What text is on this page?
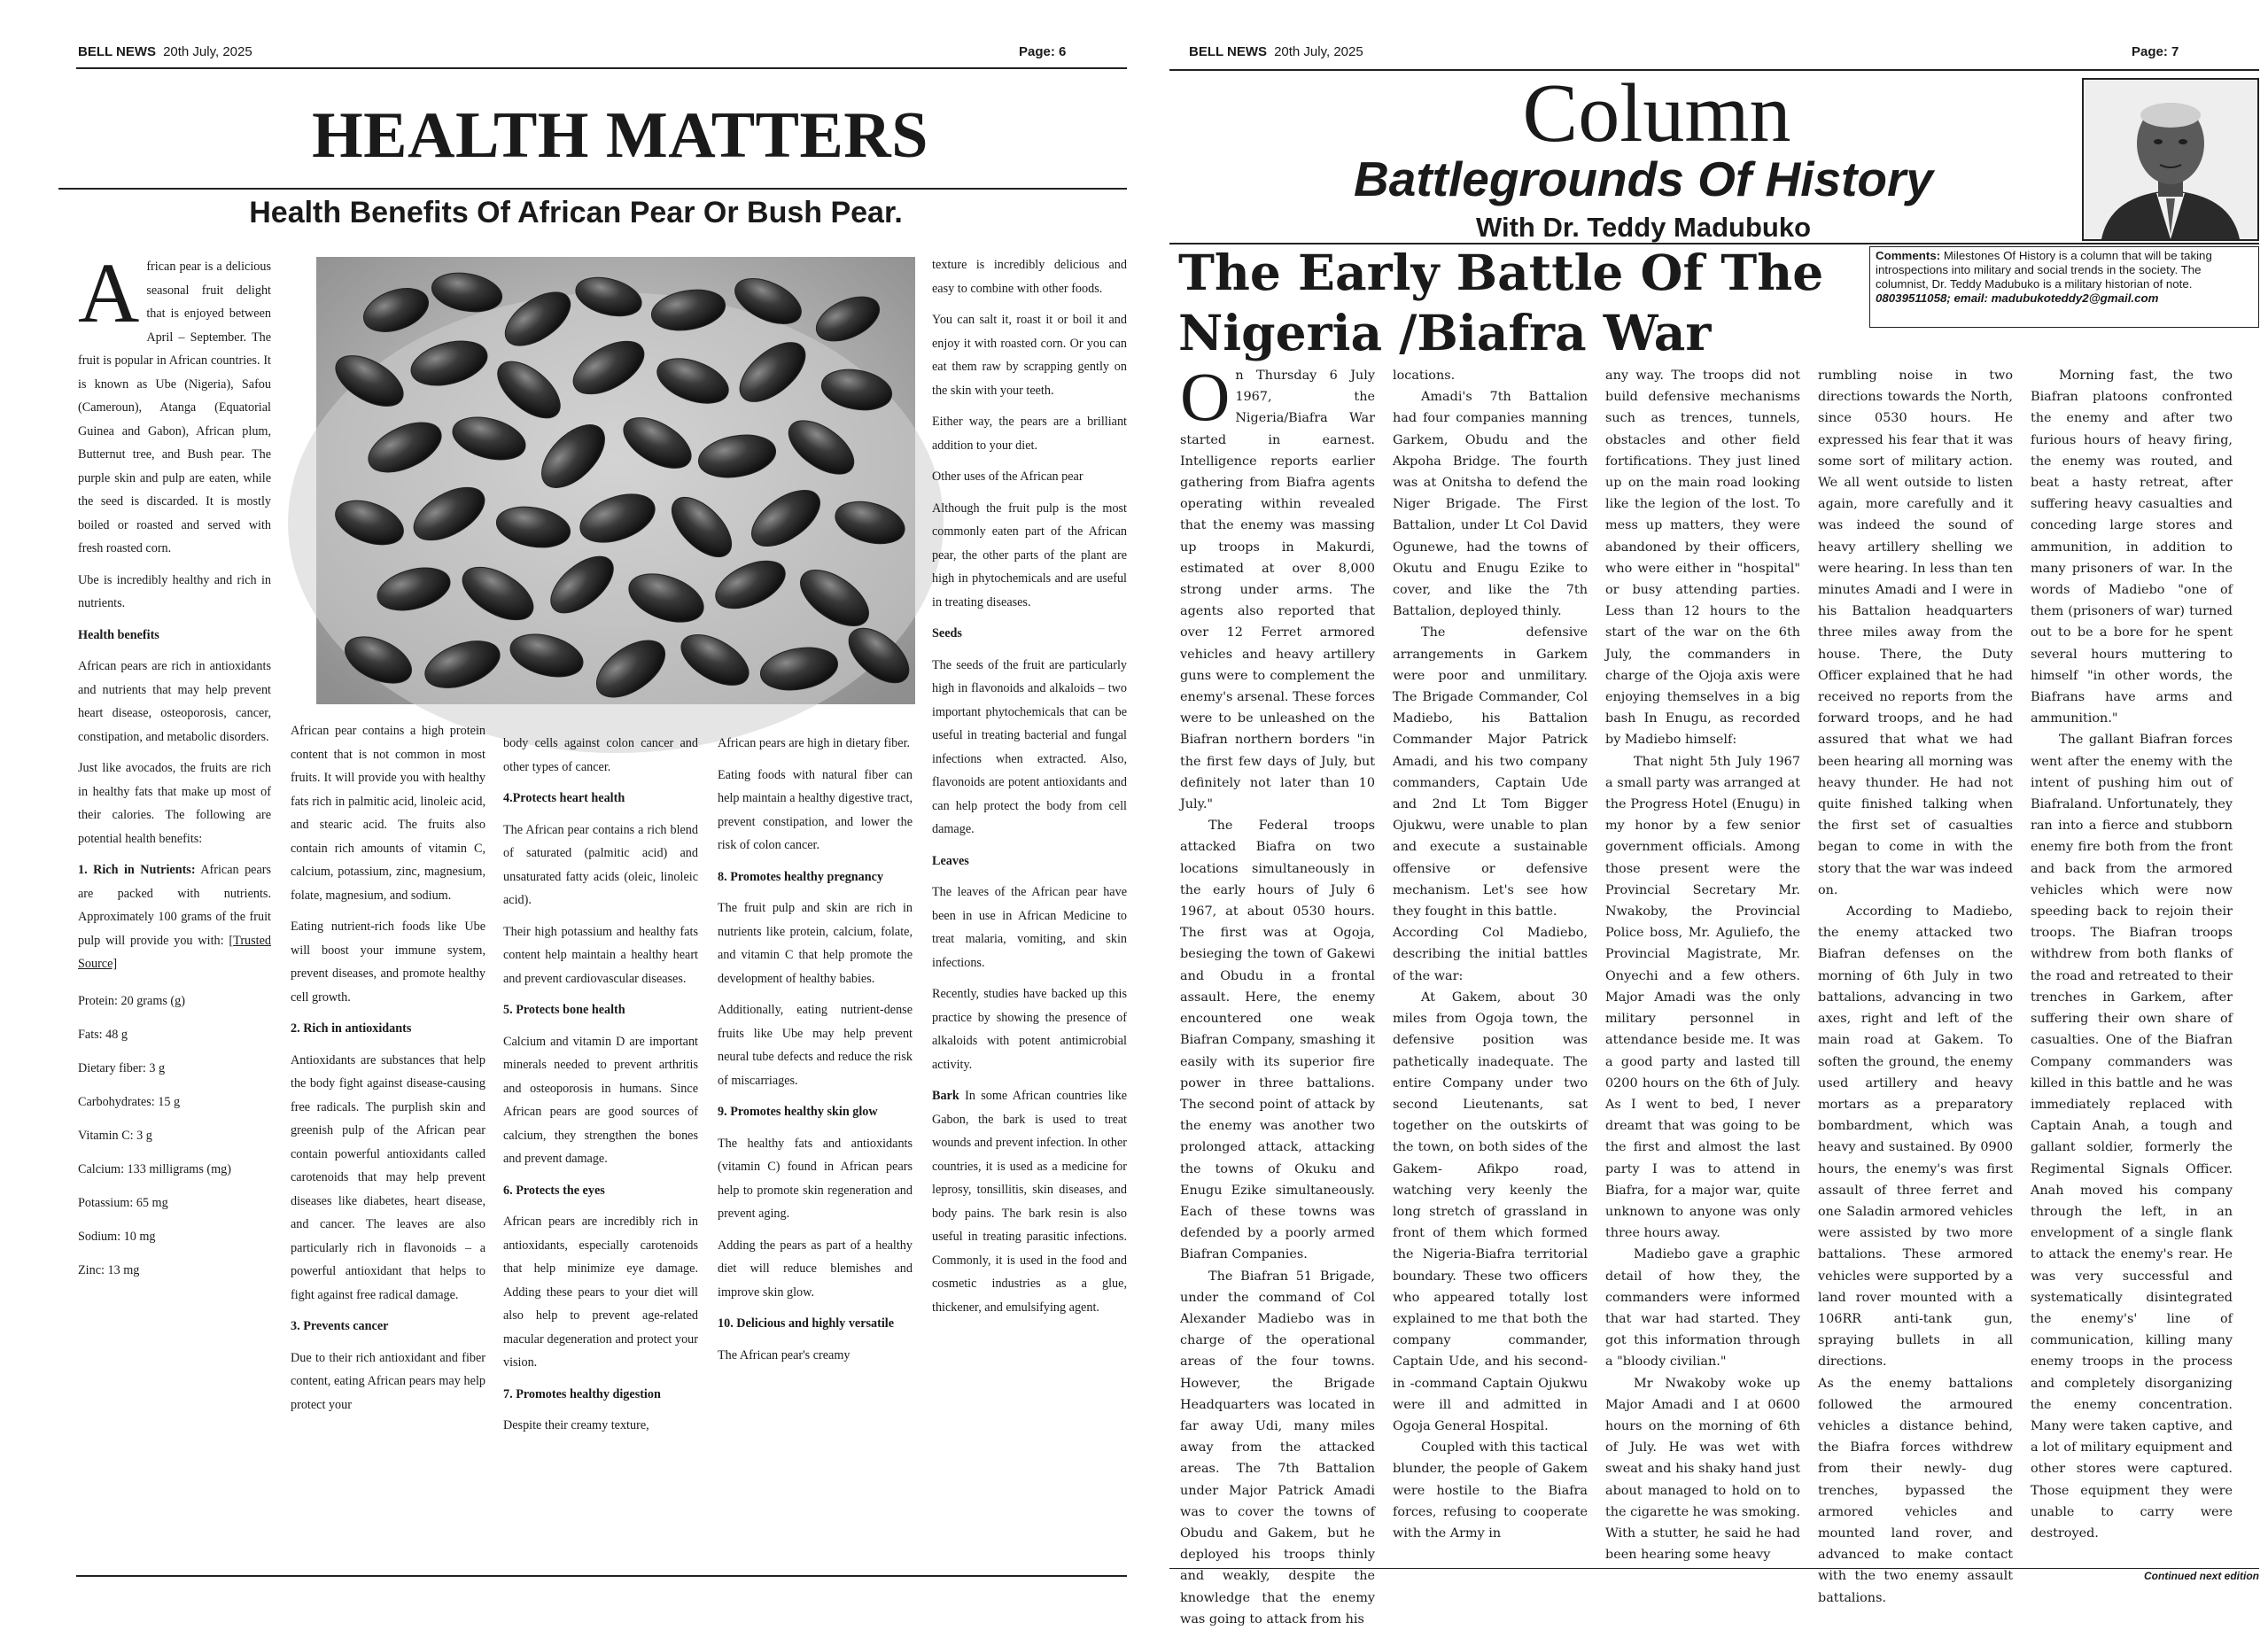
BELL NEWS 20th July, 2025	Page: 6
HEALTH MATTERS
Health Benefits Of African Pear Or Bush Pear.

African pear is a delicious seasonal fruit delight that is enjoyed between April – September. The fruit is popular in African countries. It is known as Ube (Nigeria), Safou (Cameroun), Atanga (Equatorial Guinea and Gabon), African plum, Butternut tree, and Bush pear. The purple skin and pulp are eaten, while the seed is discarded. It is mostly boiled or roasted and served with fresh roasted corn.

Ube is incredibly healthy and rich in nutrients.

Health benefits

African pears are rich in antioxidants and nutrients that may help prevent heart disease, osteoporosis, cancer, constipation, and metabolic disorders.

Just like avocados, the fruits are rich in healthy fats that make up most of their calories. The following are potential health benefits:

1. Rich in Nutrients: African pears are packed with nutrients. Approximately 100 grams of the fruit pulp will provide you with: [Trusted Source]

Protein: 20 grams (g)
Fats: 48 g
Dietary fiber: 3 g
Carbohydrates: 15 g
Vitamin C: 3 g
Calcium: 133 milligrams (mg)
Potassium: 65 mg
Sodium: 10 mg
Zinc: 13 mg

African pear contains a high protein content that is not common in most fruits. It will provide you with healthy fats rich in palmitic acid, linoleic acid, and stearic acid. The fruits also contain rich amounts of vitamin C, calcium, potassium, zinc, magnesium, folate, magnesium, and sodium.

Eating nutrient-rich foods like Ube will boost your immune system, prevent diseases, and promote healthy cell growth.

2. Rich in antioxidants

Antioxidants are substances that help the body fight against disease-causing free radicals. The purplish skin and greenish pulp of the African pear contain powerful antioxidants called carotenoids that may help prevent diseases like diabetes, heart disease, and cancer. The leaves are also particularly rich in flavonoids – a powerful antioxidant that helps to fight against free radical damage.

3. Prevents cancer

Due to their rich antioxidant and fiber content, eating African pears may help protect your

body cells against colon cancer and other types of cancer.

4.Protects heart health

The African pear contains a rich blend of saturated (palmitic acid) and unsaturated fatty acids (oleic, linoleic acid).

Their high potassium and healthy fats content help maintain a healthy heart and prevent cardiovascular diseases.

5. Protects bone health

Calcium and vitamin D are important minerals needed to prevent arthritis and osteoporosis in humans. Since African pears are good sources of calcium, they strengthen the bones and prevent damage.

6. Protects the eyes

African pears are incredibly rich in antioxidants, especially carotenoids that help minimize eye damage. Adding these pears to your diet will also help to prevent age-related macular degeneration and protect your vision.

7. Promotes healthy digestion

Despite their creamy texture,

African pears are high in dietary fiber.

Eating foods with natural fiber can help maintain a healthy digestive tract, prevent constipation, and lower the risk of colon cancer.

8. Promotes healthy pregnancy

The fruit pulp and skin are rich in nutrients like protein, calcium, folate, and vitamin C that help promote the development of healthy babies.

Additionally, eating nutrient-dense fruits like Ube may help prevent neural tube defects and reduce the risk of miscarriages.

9. Promotes healthy skin glow

The healthy fats and antioxidants (vitamin C) found in African pears help to promote skin regeneration and prevent aging.

Adding the pears as part of a healthy diet will reduce blemishes and improve skin glow.

10. Delicious and highly versatile

The African pear's creamy

texture is incredibly delicious and easy to combine with other foods.

You can salt it, roast it or boil it and enjoy it with roasted corn. Or you can eat them raw by scrapping gently on the skin with your teeth.

Either way, the pears are a brilliant addition to your diet.

Other uses of the African pear

Although the fruit pulp is the most commonly eaten part of the African pear, the other parts of the plant are high in phytochemicals and are useful in treating diseases.

Seeds

The seeds of the fruit are particularly high in flavonoids and alkaloids – two important phytochemicals that can be useful in treating bacterial and fungal infections when extracted. Also, flavonoids are potent antioxidants and can help protect the body from cell damage.

Leaves

The leaves of the African pear have been in use in African Medicine to treat malaria, vomiting, and skin infections.

Recently, studies have backed up this practice by showing the presence of alkaloids with potent antimicrobial activity.

Bark In some African countries like Gabon, the bark is used to treat wounds and prevent infection. In other countries, it is used as a medicine for leprosy, tonsillitis, skin diseases, and body pains. The bark resin is also useful in treating parasitic infections. Commonly, it is used in the food and cosmetic industries as a glue, thickener, and emulsifying agent.

BELL NEWS 20th July, 2025	Page: 7
Column
Battlegrounds Of History
With Dr. Teddy Madubuko
Comments: Milestones Of History is a column that will be taking introspections into military and social trends in the society. The columnist, Dr. Teddy Madubuko is a military historian of note.
08039511058; email: madubukoteddy2@gmail.com
The Early Battle Of The
Nigeria /Biafra War

On Thursday 6 July 1967, the Nigeria/Biafra War started in earnest. Intelligence reports earlier gathering from Biafra agents operating within revealed that the enemy was massing up troops in Makurdi, estimated at over 8,000 strong under arms. The agents also reported that over 12 Ferret armored vehicles and heavy artillery guns were to complement the enemy's arsenal. These forces were to be unleashed on the Biafran northern borders "in the first few days of July, but definitely not later than 10 July."

The Federal troops attacked Biafra on two locations simultaneously in the early hours of July 6 1967, at about 0530 hours. The first was at Ogoja, besieging the town of Gakewi and Obudu in a frontal assault. Here, the enemy encountered one weak Biafran Company, smashing it easily with its superior fire power in three battalions. The second point of attack by the enemy was another two prolonged attack, attacking the towns of Okuku and Enugu Ezike simultaneously. Each of these towns was defended by a poorly armed Biafran Companies.

The Biafran 51 Brigade, under the command of Col Alexander Madiebo was in charge of the operational areas of the four towns. However, the Brigade Headquarters was located in far away Udi, many miles away from the attacked areas. The 7th Battalion under Major Patrick Amadi was to cover the towns of Obudu and Gakem, but he deployed his troops thinly and weakly, despite the knowledge that the enemy was going to attack from his

locations.

Amadi's 7th Battalion had four companies manning Garkem, Obudu and the Akpoha Bridge. The fourth was at Onitsha to defend the Niger Brigade. The First Battalion, under Lt Col David Ogunewe, had the towns of Okutu and Enugu Ezike to cover, and like the 7th Battalion, deployed thinly.

The defensive arrangements in Garkem were poor and unmilitary. The Brigade Commander, Col Madiebo, his Battalion Commander Major Patrick Amadi, and his two company commanders, Captain Ude and 2nd Lt Tom Bigger Ojukwu, were unable to plan and execute a sustainable offensive or defensive mechanism. Let's see how they fought in this battle.

According Col Madiebo, describing the initial battles of the war:

At Gakem, about 30 miles from Ogoja town, the defensive position was pathetically inadequate. The entire Company under two second Lieutenants, sat together on the outskirts of the town, on both sides of the Gakem- Afikpo road, watching very keenly the long stretch of grassland in front of them which formed the Nigeria-Biafra territorial boundary. These two officers who appeared totally lost explained to me that both the company commander, Captain Ude, and his second-in -command Captain Ojukwu were ill and admitted in Ogoja General Hospital.

Coupled with this tactical blunder, the people of Gakem were hostile to the Biafra forces, refusing to cooperate with the Army in

any way. The troops did not build defensive mechanisms such as trences, tunnels, obstacles and other field fortifications. They just lined up on the main road looking like the legion of the lost. To mess up matters, they were abandoned by their officers, who were either in "hospital" or busy attending parties. Less than 12 hours to the start of the war on the 6th July, the commanders in charge of the Ojoja axis were enjoying themselves in a big bash In Enugu, as recorded by Madiebo himself:

That night 5th July 1967 a small party was arranged at the Progress Hotel (Enugu) in my honor by a few senior government officials. Among those present were the Provincial Secretary Mr. Nwakoby, the Provincial Police boss, Mr. Aguliefo, the Provincial Magistrate, Mr. Onyechi and a few others. Major Amadi was the only military personnel in attendance beside me. It was a good party and lasted till 0200 hours on the 6th of July. As I went to bed, I never dreamt that was going to be the first and almost the last party I was to attend in Biafra, for a major war, quite unknown to anyone was only three hours away.

Madiebo gave a graphic detail of how they, the commanders were informed that war had started. They got this information through a "bloody civilian."

Mr Nwakoby woke up Major Amadi and I at 0600 hours on the morning of 6th of July. He was wet with sweat and his shaky hand just about managed to hold on to the cigarette he was smoking. With a stutter, he said he had been hearing some heavy

rumbling noise in two directions towards the North, since 0530 hours. He expressed his fear that it was some sort of military action. We all went outside to listen again, more carefully and it was indeed the sound of heavy artillery shelling we were hearing. In less than ten minutes Amadi and I were in his Battalion headquarters three miles away from the house. There, the Duty Officer explained that he had received no reports from the forward troops, and he had assured that what we had been hearing all morning was heavy thunder. He had not quite finished talking when the first set of casualties began to come in with the story that the war was indeed on.

According to Madiebo, the enemy attacked two Biafran defenses on the morning of 6th July in two battalions, advancing in two axes, right and left of the main road at Gakem. To soften the ground, the enemy used artillery and heavy mortars as a preparatory bombardment, which was heavy and sustained. By 0900 hours, the enemy's was first assault of three ferret and one Saladin armored vehicles were assisted by two more battalions. These armored vehicles were supported by a land rover mounted with a 106RR anti-tank gun, spraying bullets in all directions.

As the enemy battalions followed the armoured vehicles a distance behind, the Biafra forces withdrew from their newly- dug trenches, bypassed the armored vehicles and mounted land rover, and advanced to make contact with the two enemy assault battalions.

Morning fast, the two Biafran platoons confronted the enemy and after two furious hours of heavy firing, the enemy was routed, and beat a hasty retreat, after suffering heavy casualties and conceding large stores and ammunition, in addition to many prisoners of war. In the words of Madiebo "one of them (prisoners of war) turned out to be a bore for he spent several hours muttering to himself "in other words, the Biafrans have arms and ammunition."

The gallant Biafran forces went after the enemy with the intent of pushing him out of Biafraland. Unfortunately, they ran into a fierce and stubborn enemy fire both from the front and back from the armored vehicles which were now speeding back to rejoin their troops. The Biafran troops withdrew from both flanks of the road and retreated to their trenches in Garkem, after suffering their own share of casualties. One of the Biafran Company commanders was killed in this battle and he was immediately replaced with Captain Anah, a tough and gallant soldier, formerly the Regimental Signals Officer. Anah moved his company through the left, in an envelopment of a single flank to attack the enemy's rear. He was very successful and systematically disintegrated the enemy's' line of communication, killing many enemy troops in the process and completely disorganizing the enemy concentration. Many were taken captive, and a lot of military equipment and other stores were captured. Those equipment they were unable to carry were destroyed.

Continued next edition
